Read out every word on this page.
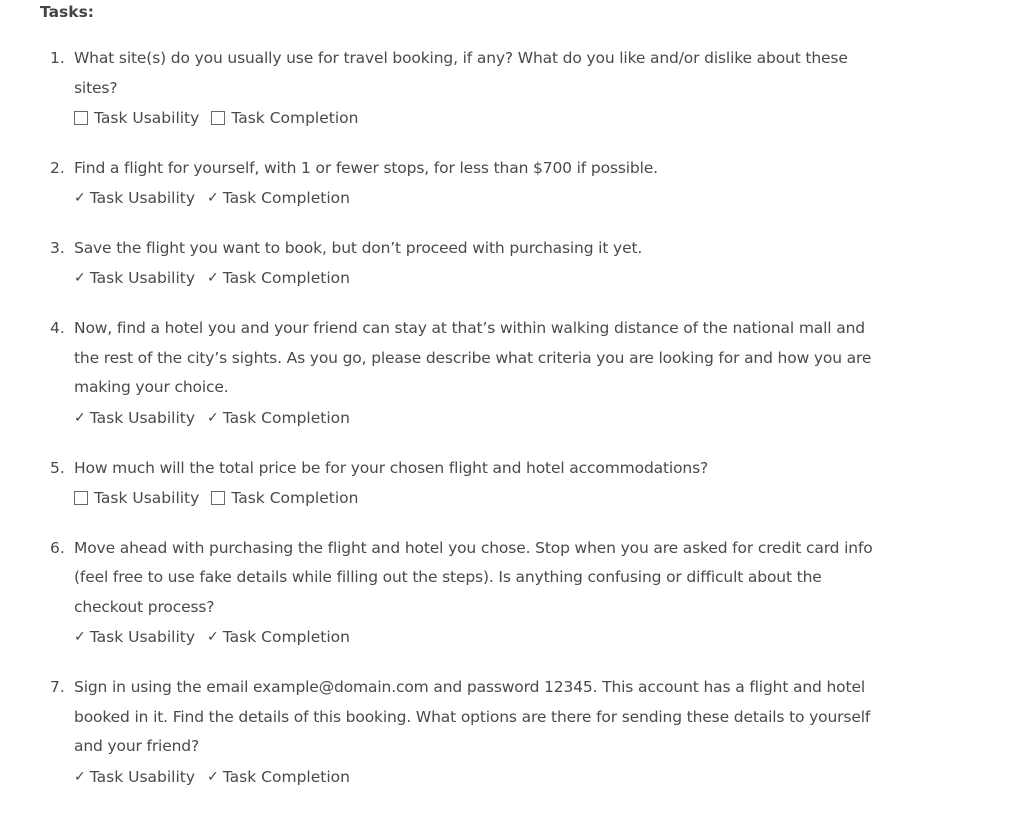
Tasks:
1. What site(s) do you usually use for travel booking, if any? What do you like and/or dislike about these sites?
Task Usability Task Completion
2. Find a flight for yourself, with 1 or fewer stops, for less than $700 if possible.
✓ Task Usability ✓ Task Completion
3. Save the flight you want to book, but don’t proceed with purchasing it yet.
✓ Task Usability ✓ Task Completion
4. Now, find a hotel you and your friend can stay at that’s within walking distance of the national mall and the rest of the city’s sights. As you go, please describe what criteria you are looking for and how you are making your choice.
✓ Task Usability ✓ Task Completion
5. How much will the total price be for your chosen flight and hotel accommodations?
Task Usability Task Completion
6. Move ahead with purchasing the flight and hotel you chose. Stop when you are asked for credit card info (feel free to use fake details while filling out the steps). Is anything confusing or difficult about the checkout process?
✓ Task Usability ✓ Task Completion
7. Sign in using the email example@domain.com and password 12345. This account has a flight and hotel booked in it. Find the details of this booking. What options are there for sending these details to yourself and your friend?
✓ Task Usability ✓ Task Completion
